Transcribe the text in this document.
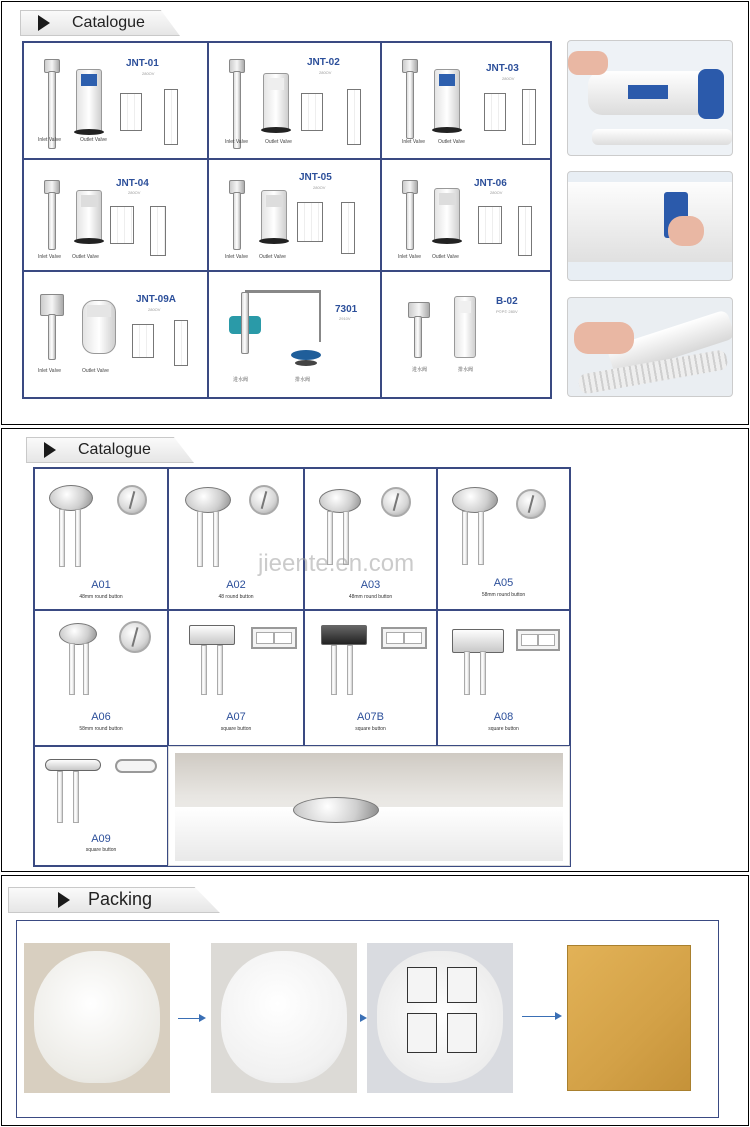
Catalogue
JNT-01
280OV
Inlet Valve	Outlet Valve
JNT-02
280OV
Inlet Valve	Outlet Valve
JNT-03
280OV
Inlet Valve	Outlet Valve
JNT-04
280OV
Inlet Valve Outlet Valve
JNT-05
280OV
Inlet Valve Outlet Valve
JNT-06
280OV
Inlet Valve Outlet Valve
JNT-09A
280OV
Inlet Valve	Outlet Valve
7301
2910V
进水阀	排水阀
B-02
P©P© 280V
进水阀	排水阀
Catalogue
A01
48mm round button
A02
48 round button
A03
48mm round button
A05
58mm round button
A06
58mm round button
A07
square button
A07B
square button
A08
square button
A09
square button
jieente.en.com
Packing
